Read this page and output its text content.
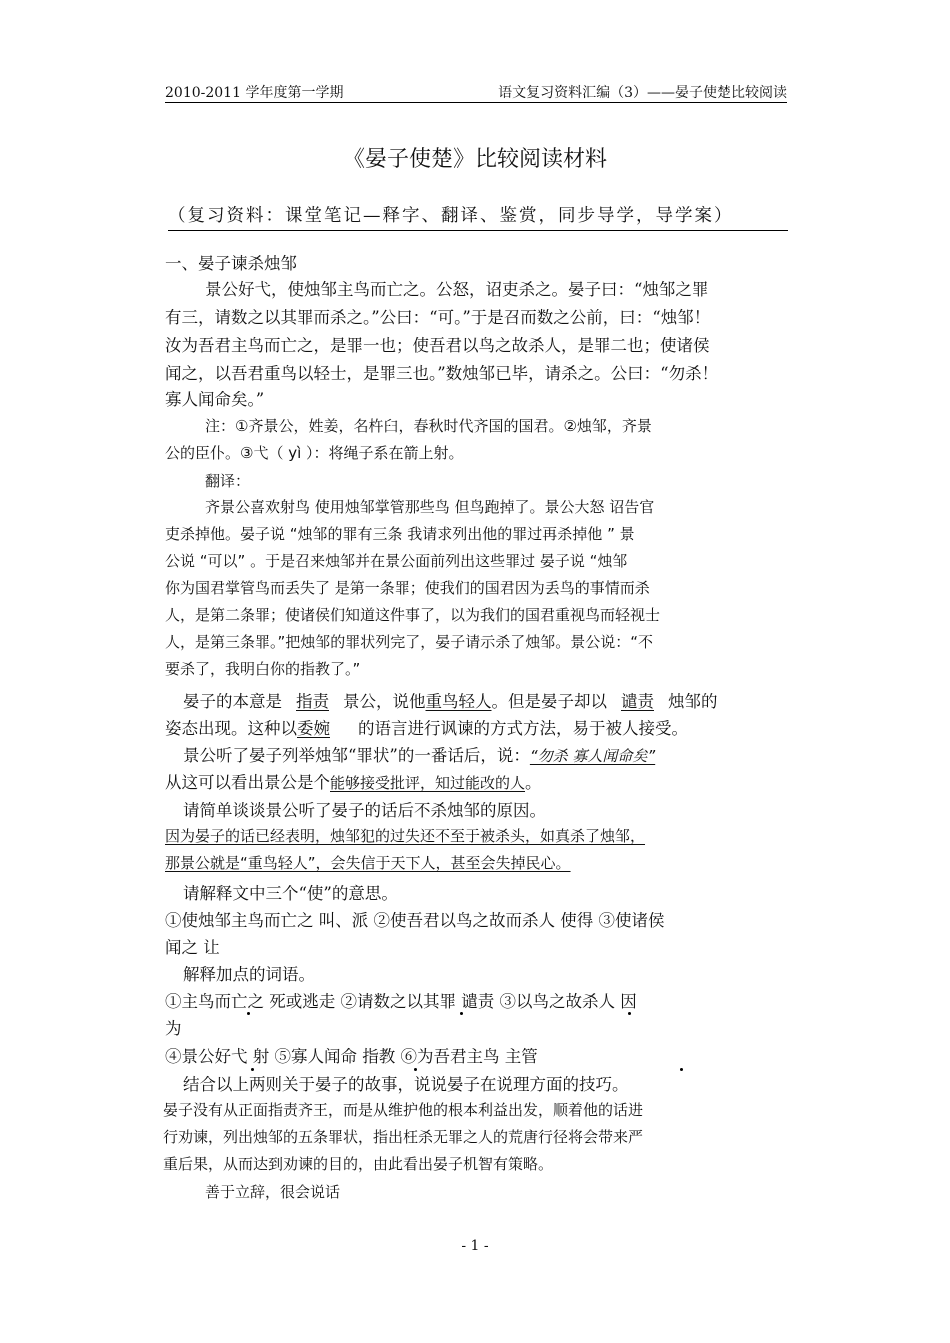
2010-2011 学年度第一学期	语文复习资料汇编（3）——晏子使楚比较阅读
《晏子使楚》比较阅读材料
（复习资料：课堂笔记—释字、翻译、鉴赏，同步导学，导学案）
一、晏子谏杀烛邹
景公好弋，使烛邹主鸟而亡之。公怒，诏吏杀之。晏子曰：“烛邹之罪
有三，请数之以其罪而杀之。”公曰：“可。”于是召而数之公前，曰：“烛邹！
汝为吾君主鸟而亡之，是罪一也；使吾君以鸟之故杀人，是罪二也；使诸侯
闻之，以吾君重鸟以轻士，是罪三也。”数烛邹已毕，请杀之。公曰：“勿杀！
寡人闻命矣。”
注：①齐景公，姓姜，名杵臼，春秋时代齐国的国君。②烛邹，齐景
公的臣仆。③弋（ yì ）：将绳子系在箭上射。
翻译：
齐景公喜欢射鸟 使用烛邹掌管那些鸟 但鸟跑掉了。景公大怒 诏告官
吏杀掉他。晏子说 “烛邹的罪有三条 我请求列出他的罪过再杀掉他 ” 景
公说 “可以” 。于是召来烛邹并在景公面前列出这些罪过 晏子说 “烛邹
你为国君掌管鸟而丢失了 是第一条罪；使我们的国君因为丢鸟的事情而杀
人，是第二条罪；使诸侯们知道这件事了，以为我们的国君重视鸟而轻视士
人，是第三条罪。”把烛邹的罪状列完了，晏子请示杀了烛邹。景公说：“不
要杀了，我明白你的指教了。”
晏子的本意是 指责 景公，说他重鸟轻人。但是晏子却以 谴责 烛邹的
姿态出现。这种以委婉 的语言进行讽谏的方式方法，易于被人接受。
景公听了晏子列举烛邹“罪状”的一番话后，说：“勿杀 寡人闻命矣”
从这可以看出景公是个能够接受批评，知过能改的人。
请简单谈谈景公听了晏子的话后不杀烛邹的原因。
因为晏子的话已经表明，烛邹犯的过失还不至于被杀头，如真杀了烛邹，
那景公就是“重鸟轻人”，会失信于天下人，甚至会失掉民心。
请解释文中三个“使”的意思。
①使烛邹主鸟而亡之 叫、派 ②使吾君以鸟之故而杀人 使得 ③使诸侯
闻之 让
解释加点的词语。
①主鸟而亡之 死或逃走 ②请数之以其罪 谴责 ③以鸟之故杀人 因
为
④景公好弋 射 ⑤寡人闻命 指教 ⑥为吾君主鸟 主管
结合以上两则关于晏子的故事，说说晏子在说理方面的技巧。
晏子没有从正面指责齐王，而是从维护他的根本利益出发，顺着他的话进
行劝谏，列出烛邹的五条罪状，指出枉杀无罪之人的荒唐行径将会带来严
重后果，从而达到劝谏的目的，由此看出晏子机智有策略。
善于立辞，很会说话
- 1 -
